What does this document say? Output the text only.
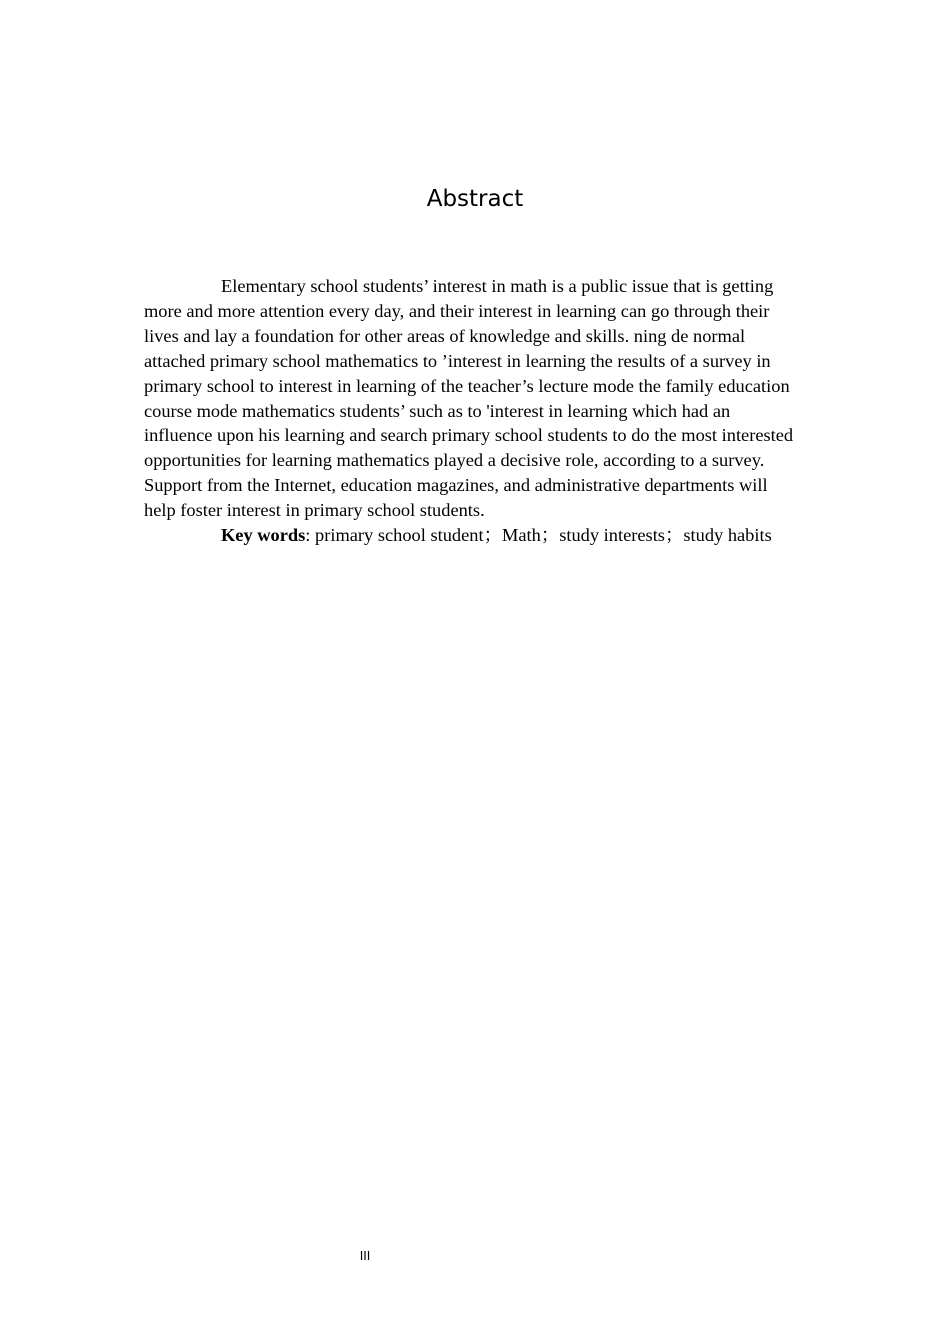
Abstract

Elementary school students’ interest in math is a public issue that is getting more and more attention every day, and their interest in learning can go through their lives and lay a foundation for other areas of knowledge and skills. ning de normal attached primary school mathematics to ’interest in learning the results of a survey in primary school to interest in learning of the teacher’s lecture mode the family education course mode mathematics students’ such as to 'interest in learning which had an influence upon his learning and search primary school students to do the most interested opportunities for learning mathematics played a decisive role, according to a survey. Support from the Internet, education magazines, and administrative departments will help foster interest in primary school students.

Key words: primary school student；Math；study interests；study habits

III
